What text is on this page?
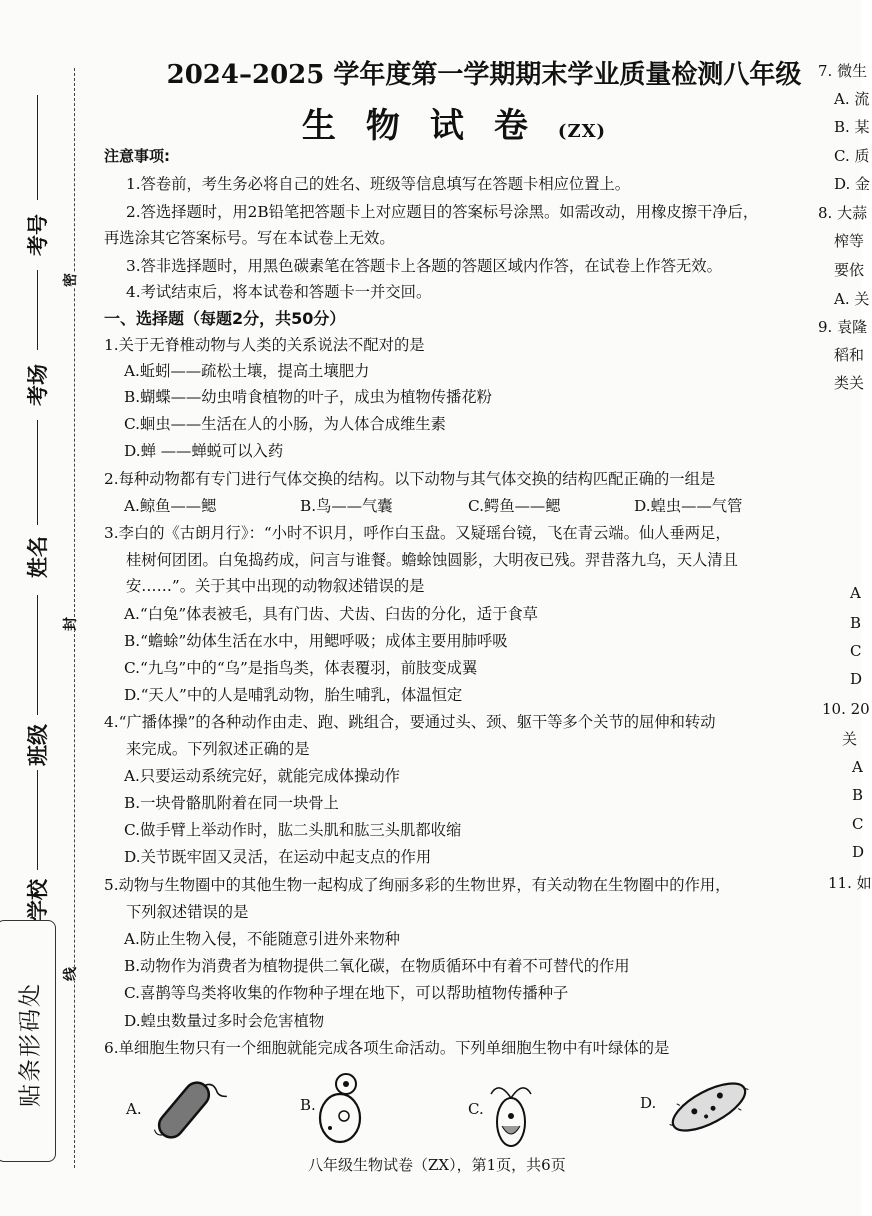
考号
考场
姓名
班级
学校
密
封
线
贴条形码处
2024–2025 学年度第一学期期末学业质量检测八年级
生物试卷(ZX)
注意事项:
1.答卷前，考生务必将自己的姓名、班级等信息填写在答题卡相应位置上。
2.答选择题时，用2B铅笔把答题卡上对应题目的答案标号涂黑。如需改动，用橡皮擦干净后，
再选涂其它答案标号。写在本试卷上无效。
3.答非选择题时，用黑色碳素笔在答题卡上各题的答题区域内作答，在试卷上作答无效。
4.考试结束后，将本试卷和答题卡一并交回。
一、选择题（每题2分，共50分）
1.关于无脊椎动物与人类的关系说法不配对的是
A.蚯蚓——疏松土壤，提高土壤肥力
B.蝴蝶——幼虫啃食植物的叶子，成虫为植物传播花粉
C.蛔虫——生活在人的小肠，为人体合成维生素
D.蝉 ——蝉蜕可以入药
2.每种动物都有专门进行气体交换的结构。以下动物与其气体交换的结构匹配正确的一组是
A.鲸鱼——鳃	B.鸟——气囊	C.鳄鱼——鳃	D.蝗虫——气管
3.李白的《古朗月行》：“小时不识月，呼作白玉盘。又疑瑶台镜，飞在青云端。仙人垂两足，
桂树何团团。白兔捣药成，问言与谁餐。蟾蜍蚀圆影，大明夜已残。羿昔落九乌，天人清且
安……”。关于其中出现的动物叙述错误的是
A.“白兔”体表被毛，具有门齿、犬齿、臼齿的分化，适于食草
B.“蟾蜍”幼体生活在水中，用鳃呼吸；成体主要用肺呼吸
C.“九乌”中的“乌”是指鸟类，体表覆羽，前肢变成翼
D.“天人”中的人是哺乳动物，胎生哺乳，体温恒定
4.“广播体操”的各种动作由走、跑、跳组合，要通过头、颈、躯干等多个关节的屈伸和转动
来完成。下列叙述正确的是
A.只要运动系统完好，就能完成体操动作
B.一块骨骼肌附着在同一块骨上
C.做手臂上举动作时，肱二头肌和肱三头肌都收缩
D.关节既牢固又灵活，在运动中起支点的作用
5.动物与生物圈中的其他生物一起构成了绚丽多彩的生物世界，有关动物在生物圈中的作用，
下列叙述错误的是
A.防止生物入侵，不能随意引进外来物种
B.动物作为消费者为植物提供二氧化碳，在物质循环中有着不可替代的作用
C.喜鹊等鸟类将收集的作物种子埋在地下，可以帮助植物传播种子
D.蝗虫数量过多时会危害植物
6.单细胞生物只有一个细胞就能完成各项生命活动。下列单细胞生物中有叶绿体的是
A.	B.	C.	D.
八年级生物试卷（ZX），第1页，共6页
7. 微生
A. 流
B. 某
C. 质
D. 金
8. 大蒜
榨等
要依
A. 关
9. 袁隆
稻和
类关
A
B
C
D
10. 20
关
A
B
C
D
11. 如
